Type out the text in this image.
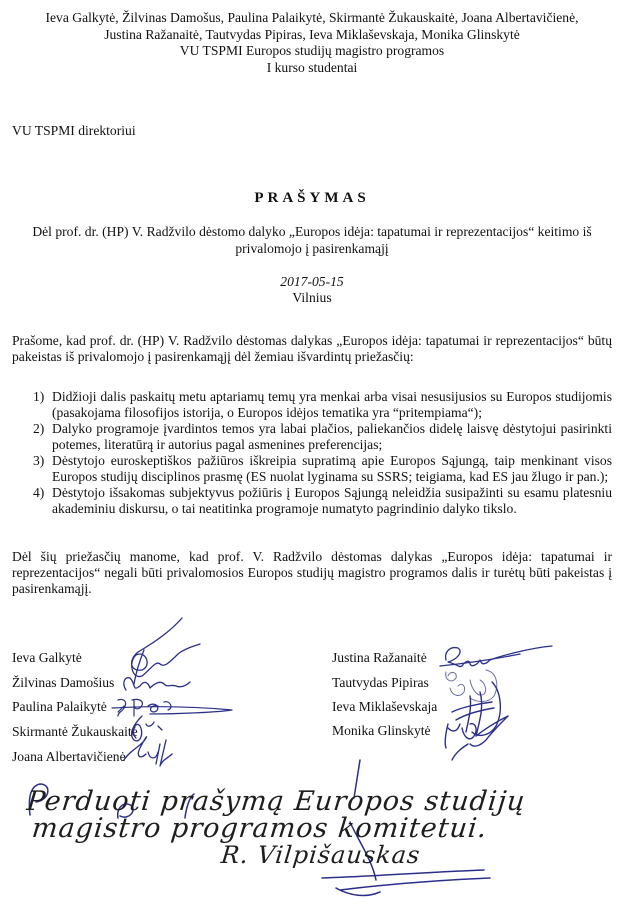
Ieva Galkytė, Žilvinas Damošus, Paulina Palaikytė, Skirmantė Žukauskaitė, Joana Albertavičienė,
Justina Ražanaitė, Tautvydas Pipiras, Ieva Miklaševskaja, Monika Glinskytė
VU TSPMI Europos studijų magistro programos
I kurso studentai
VU TSPMI direktoriui
PRAŠYMAS
Dėl prof. dr. (HP) V. Radžvilo dėstomo dalyko „Europos idėja: tapatumai ir reprezentacijos“ keitimo iš
privalomojo į pasirenkamąjį
2017-05-15
Vilnius
Prašome, kad prof. dr. (HP) V. Radžvilo dėstomas dalykas „Europos idėja: tapatumai ir reprezentacijos“ būtų pakeistas iš privalomojo į pasirenkamąjį dėl žemiau išvardintų priežasčių:
1) Didžioji dalis paskaitų metu aptariamų temų yra menkai arba visai nesusijusios su Europos studijomis (pasakojama filosofijos istorija, o Europos idėjos tematika yra “pritempiama“);
2) Dalyko programoje įvardintos temos yra labai plačios, paliekančios didelę laisvę dėstytojui pasirinkti potemes, literatūrą ir autorius pagal asmenines preferencijas;
3) Dėstytojo euroskeptiškos pažiūros iškreipia supratimą apie Europos Sąjungą, taip menkinant visos Europos studijų disciplinos prasmę (ES nuolat lyginama su SSRS; teigiama, kad ES jau žlugo ir pan.);
4) Dėstytojo išsakomas subjektyvus požiūris į Europos Sąjungą neleidžia susipažinti su esamu platesniu akademiniu diskursu, o tai neatitinka programoje numatyto pagrindinio dalyko tikslo.
Dėl šių priežasčių manome, kad prof. V. Radžvilo dėstomas dalykas „Europos idėja: tapatumai ir reprezentacijos“ negali būti privalomosios Europos studijų magistro programos dalis ir turėtų būti pakeistas į pasirenkamąjį.
Ieva Galkytė
Žilvinas Damošius
Paulina Palaikytė
Skirmantė Žukauskaitė
Joana Albertavičienė
Justina Ražanaitė
Tautvydas Pipiras
Ieva Miklaševskaja
Monika Glinskytė
Perduoti prašymą Europos studijų
magistro programos komitetui.
R. Vilpišauskas
